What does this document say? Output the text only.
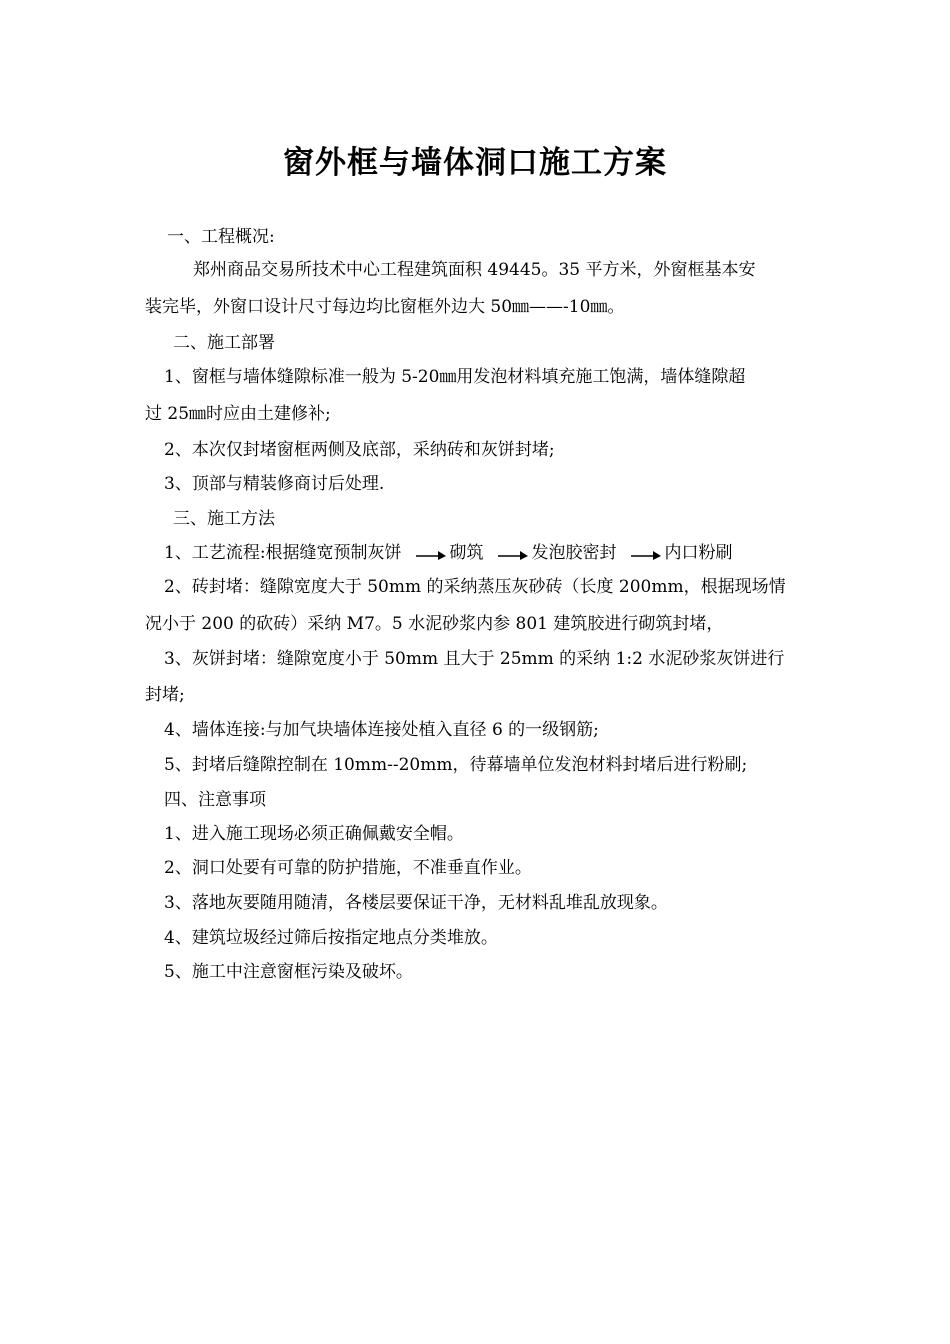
窗外框与墙体洞口施工方案
一、工程概况:
郑州商品交易所技术中心工程建筑面积 49445。35 平方米，外窗框基本安
装完毕，外窗口设计尺寸每边均比窗框外边大 50㎜——-10㎜。
二、施工部署
1、窗框与墙体缝隙标准一般为 5-20㎜用发泡材料填充施工饱满，墙体缝隙超
过 25㎜时应由土建修补;
2、本次仅封堵窗框两侧及底部，采纳砖和灰饼封堵;
3、顶部与精装修商讨后处理.
三、施工方法
1、工艺流程:根据缝宽预制灰饼	砌筑	发泡胶密封	内口粉刷
2、砖封堵：缝隙宽度大于 50mm 的采纳蒸压灰砂砖（长度 200mm，根据现场情
况小于 200 的砍砖）采纳 M7。5 水泥砂浆内参 801 建筑胶进行砌筑封堵，
3、灰饼封堵：缝隙宽度小于 50mm 且大于 25mm 的采纳 1:2 水泥砂浆灰饼进行
封堵;
4、墙体连接:与加气块墙体连接处植入直径 6 的一级钢筋;
5、封堵后缝隙控制在 10mm--20mm，待幕墙单位发泡材料封堵后进行粉刷;
四、注意事项
1、进入施工现场必须正确佩戴安全帽。
2、洞口处要有可靠的防护措施，不准垂直作业。
3、落地灰要随用随清，各楼层要保证干净，无材料乱堆乱放现象。
4、建筑垃圾经过筛后按指定地点分类堆放。
5、施工中注意窗框污染及破坏。
